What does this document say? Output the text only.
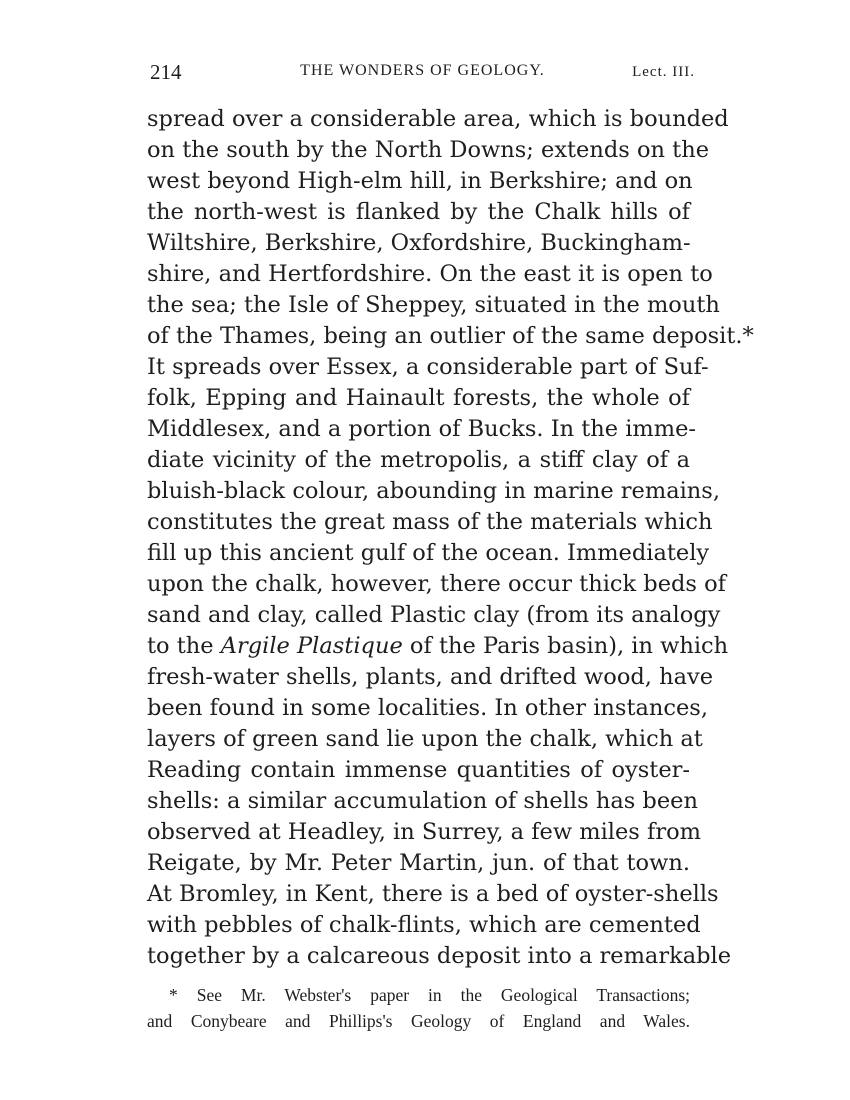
214	THE WONDERS OF GEOLOGY.	Lect. III.
spread over a considerable area, which is bounded
on the south by the North Downs; extends on the
west beyond High-elm hill, in Berkshire; and on
the north-west is flanked by the Chalk hills of
Wiltshire, Berkshire, Oxfordshire, Buckingham-
shire, and Hertfordshire. On the east it is open to
the sea; the Isle of Sheppey, situated in the mouth
of the Thames, being an outlier of the same deposit.*
It spreads over Essex, a considerable part of Suf-
folk, Epping and Hainault forests, the whole of
Middlesex, and a portion of Bucks. In the imme-
diate vicinity of the metropolis, a stiff clay of a
bluish-black colour, abounding in marine remains,
constitutes the great mass of the materials which
fill up this ancient gulf of the ocean. Immediately
upon the chalk, however, there occur thick beds of
sand and clay, called Plastic clay (from its analogy
to the Argile Plastique of the Paris basin), in which
fresh-water shells, plants, and drifted wood, have
been found in some localities. In other instances,
layers of green sand lie upon the chalk, which at
Reading contain immense quantities of oyster-
shells: a similar accumulation of shells has been
observed at Headley, in Surrey, a few miles from
Reigate, by Mr. Peter Martin, jun. of that town.
At Bromley, in Kent, there is a bed of oyster-shells
with pebbles of chalk-flints, which are cemented
together by a calcareous deposit into a remarkable
* See Mr. Webster's paper in the Geological Transactions;
and Conybeare and Phillips's Geology of England and Wales.
